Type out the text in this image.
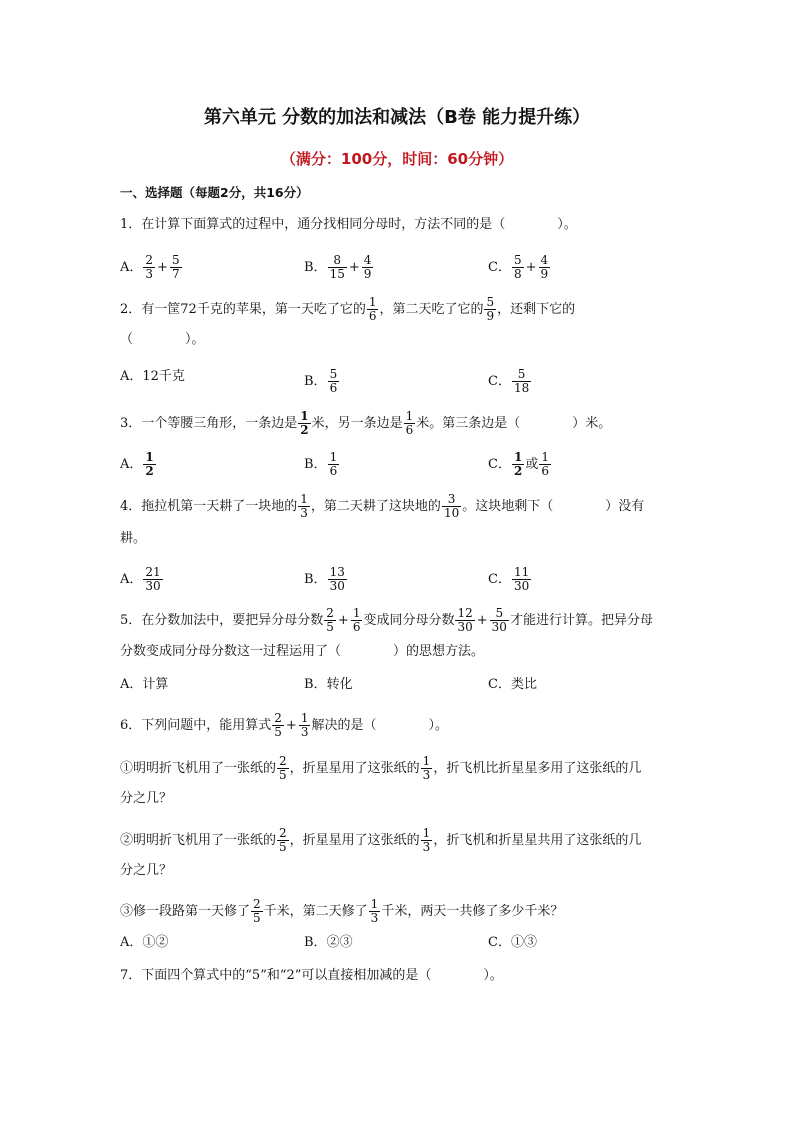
第六单元 分数的加法和减法（B卷 能力提升练）
（满分：100分，时间：60分钟）
一、选择题（每题2分，共16分）
1．在计算下面算式的过程中，通分找相同分母时，方法不同的是（　　　　）。
A． $\frac{2}{3} + \frac{5}{7}$	B． $\frac{8}{15} + \frac{4}{9}$	C． $\frac{5}{8} + \frac{4}{9}$
2．有一筐72千克的苹果，第一天吃了它的 $\frac{1}{6}$ ，第二天吃了它的 $\frac{5}{9}$ ，还剩下它的
（　　　　）。
A．12千克	B． $\frac{5}{6}$	C． $\frac{5}{18}$
3．一个等腰三角形，一条边是 $\frac{1}{2}$ 米，另一条边是 $\frac{1}{6}$ 米。第三条边是（　　　　）米。
A． $\frac{1}{2}$	B． $\frac{1}{6}$	C． $\frac{1}{2}$ 或 $\frac{1}{6}$
4．拖拉机第一天耕了一块地的 $\frac{1}{3}$ ，第二天耕了这块地的 $\frac{3}{10}$ 。这块地剩下（　　　　）没有
耕。
A． $\frac{21}{30}$	B． $\frac{13}{30}$	C． $\frac{11}{30}$
5．在分数加法中，要把异分母分数 $\frac{2}{5} + \frac{1}{6}$ 变成同分母分数 $\frac{12}{30} + \frac{5}{30}$ 才能进行计算。把异分母
分数变成同分母分数这一过程运用了（　　　　）的思想方法。
A．计算	B．转化	C．类比
6．下列问题中，能用算式 $\frac{2}{5} + \frac{1}{3}$ 解决的是（　　　　）。
①明明折飞机用了一张纸的 $\frac{2}{5}$ ，折星星用了这张纸的 $\frac{1}{3}$ ，折飞机比折星星多用了这张纸的几
分之几？
②明明折飞机用了一张纸的 $\frac{2}{5}$ ，折星星用了这张纸的 $\frac{1}{3}$ ，折飞机和折星星共用了这张纸的几
分之几？
③修一段路第一天修了 $\frac{2}{5}$ 千米，第二天修了 $\frac{1}{3}$ 千米，两天一共修了多少千米？
A．①②	B．②③	C．①③
7．下面四个算式中的“5”和“2”可以直接相加减的是（　　　　）。
